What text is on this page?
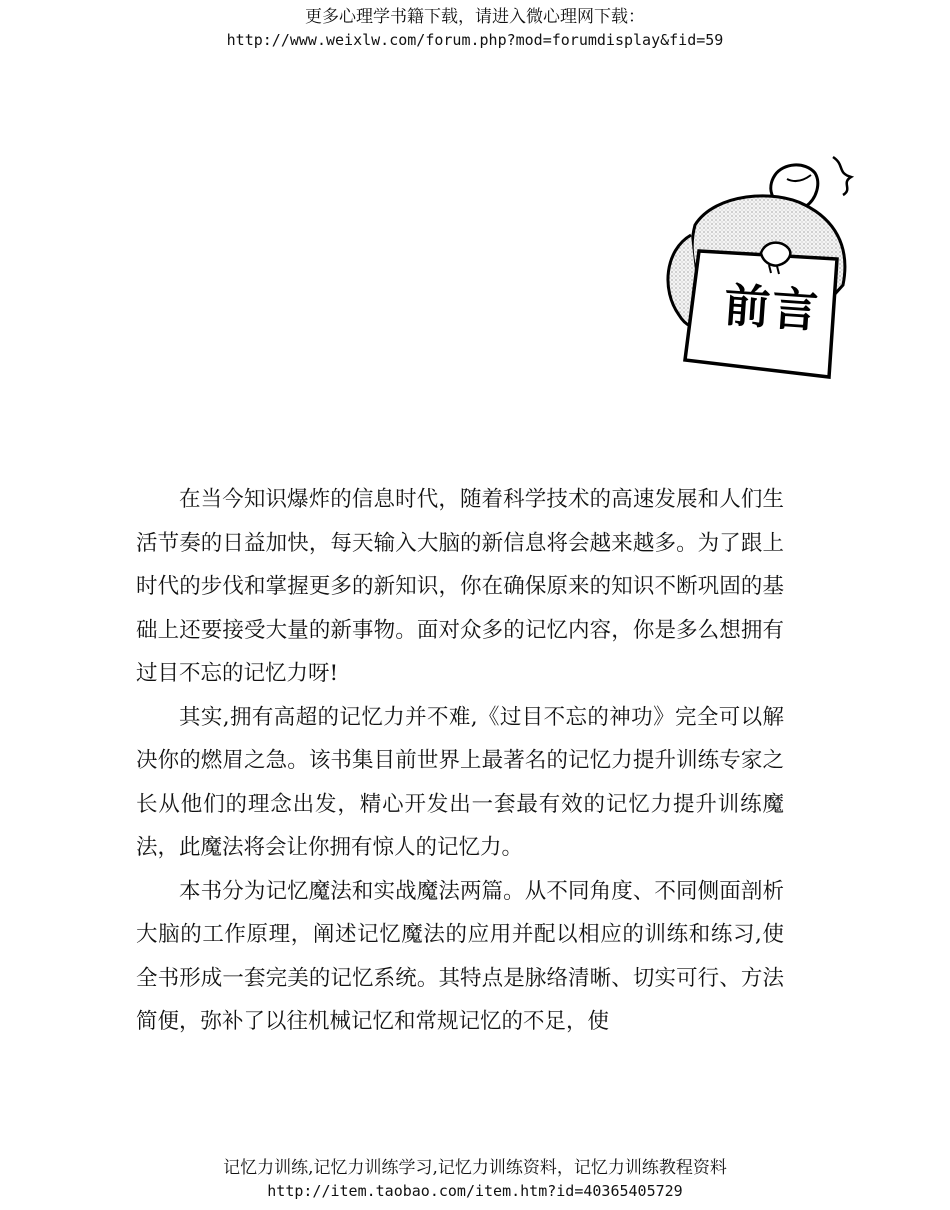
更多心理学书籍下载，请进入微心理网下载：
http://www.weixlw.com/forum.php?mod=forumdisplay&fid=59
前言

在当今知识爆炸的信息时代，随着科学技术的高速发展和人们生活节奏的日益加快，每天输入大脑的新信息将会越来越多。为了跟上时代的步伐和掌握更多的新知识，你在确保原来的知识不断巩固的基础上还要接受大量的新事物。面对众多的记忆内容，你是多么想拥有过目不忘的记忆力呀!

其实,拥有高超的记忆力并不难,《过目不忘的神功》完全可以解决你的燃眉之急。该书集目前世界上最著名的记忆力提升训练专家之长从他们的理念出发，精心开发出一套最有效的记忆力提升训练魔法，此魔法将会让你拥有惊人的记忆力。

本书分为记忆魔法和实战魔法两篇。从不同角度、不同侧面剖析大脑的工作原理，阐述记忆魔法的应用并配以相应的训练和练习,使全书形成一套完美的记忆系统。其特点是脉络清晰、切实可行、方法简便，弥补了以往机械记忆和常规记忆的不足，使

记忆力训练,记忆力训练学习,记忆力训练资料，记忆力训练教程资料
http://item.taobao.com/item.htm?id=40365405729
